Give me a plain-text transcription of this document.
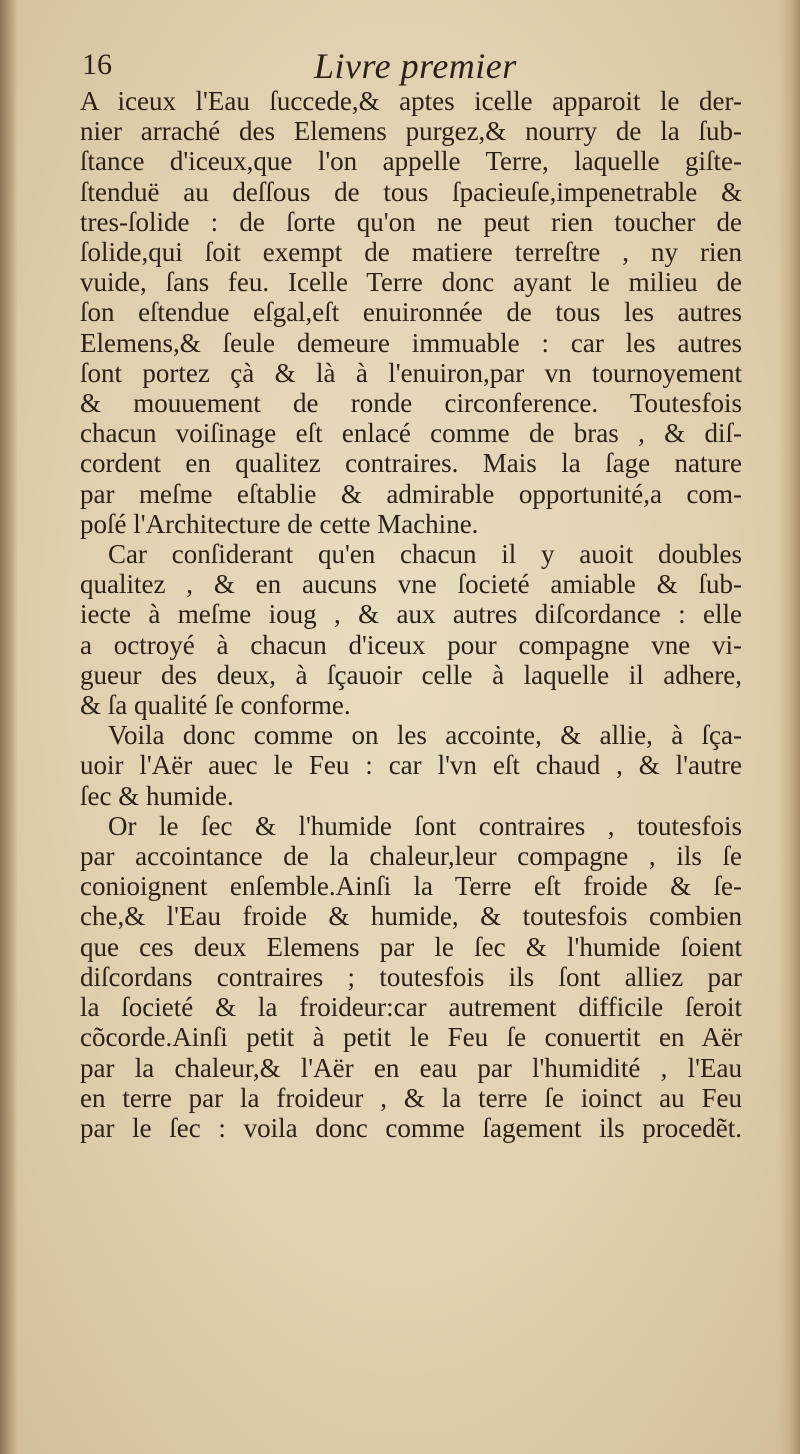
16	Livre premier
A iceux l'Eau ſuccede,& aptes icelle apparoit le der-
nier arraché des Elemens purgez,& nourry de la ſub-
ſtance d'iceux,que l'on appelle Terre, laquelle giſte-
ſtenduë au deſſous de tous ſpacieuſe,impenetrable &
tres-ſolide : de ſorte qu'on ne peut rien toucher de
ſolide,qui ſoit exempt de matiere terreſtre , ny rien
vuide, ſans feu. Icelle Terre donc ayant le milieu de
ſon eſtendue eſgal,eſt enuironnée de tous les autres
Elemens,& ſeule demeure immuable : car les autres
ſont portez çà & là à l'enuiron,par vn tournoyement
& mouuement de ronde circonference. Toutesfois
chacun voiſinage eſt enlacé comme de bras , & diſ-
cordent en qualitez contraires. Mais la ſage nature
par meſme eſtablie & admirable opportunité,a com-
poſé l'Architecture de cette Machine.
Car conſiderant qu'en chacun il y auoit doubles
qualitez , & en aucuns vne ſocieté amiable & ſub-
iecte à meſme ioug , & aux autres diſcordance : elle
a octroyé à chacun d'iceux pour compagne vne vi-
gueur des deux, à ſçauoir celle à laquelle il adhere,
& ſa qualité ſe conforme.
Voila donc comme on les accointe, & allie, à ſça-
uoir l'Aër auec le Feu : car l'vn eſt chaud , & l'autre
ſec & humide.
Or le ſec & l'humide ſont contraires , toutesfois
par accointance de la chaleur,leur compagne , ils ſe
conioignent enſemble.Ainſi la Terre eſt froide & ſe-
che,& l'Eau froide & humide, & toutesfois combien
que ces deux Elemens par le ſec & l'humide ſoient
diſcordans contraires ; toutesfois ils ſont alliez par
la ſocieté & la froideur:car autrement difficile ſeroit
cõcorde.Ainſi petit à petit le Feu ſe conuertit en Aër
par la chaleur,& l'Aër en eau par l'humidité , l'Eau
en terre par la froideur , & la terre ſe ioinct au Feu
par le ſec : voila donc comme ſagement ils procedẽt.
